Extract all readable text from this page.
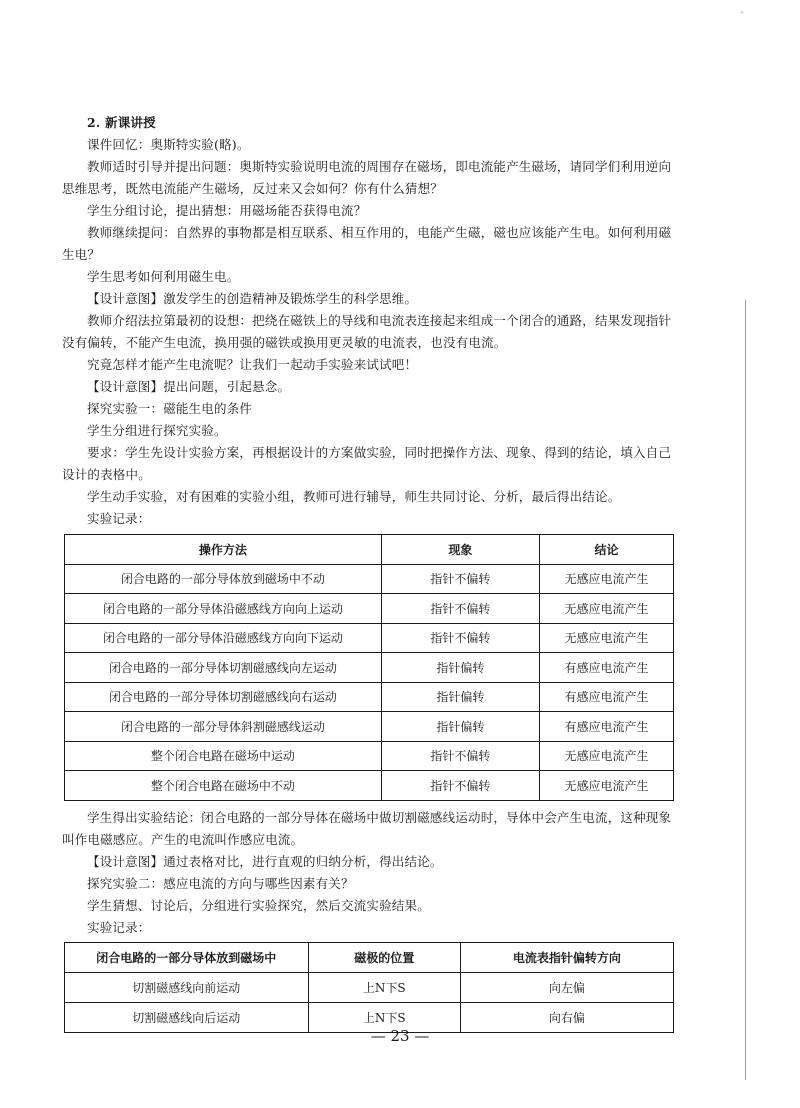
ˋ

2. 新课讲授

课件回忆：奥斯特实验(略)。

教师适时引导并提出问题：奥斯特实验说明电流的周围存在磁场，即电流能产生磁场，请同学们利用逆向思维思考，既然电流能产生磁场，反过来又会如何？你有什么猜想？

学生分组讨论，提出猜想：用磁场能否获得电流？

教师继续提问：自然界的事物都是相互联系、相互作用的，电能产生磁，磁也应该能产生电。如何利用磁生电？

学生思考如何利用磁生电。

【设计意图】激发学生的创造精神及锻炼学生的科学思维。

教师介绍法拉第最初的设想：把绕在磁铁上的导线和电流表连接起来组成一个闭合的通路，结果发现指针没有偏转，不能产生电流，换用强的磁铁或换用更灵敏的电流表，也没有电流。

究竟怎样才能产生电流呢？让我们一起动手实验来试试吧！

【设计意图】提出问题，引起悬念。

探究实验一：磁能生电的条件

学生分组进行探究实验。

要求：学生先设计实验方案，再根据设计的方案做实验，同时把操作方法、现象、得到的结论，填入自己设计的表格中。

学生动手实验，对有困难的实验小组，教师可进行辅导，师生共同讨论、分析，最后得出结论。

实验记录：

操作方法	现象	结论
闭合电路的一部分导体放到磁场中不动	指针不偏转	无感应电流产生
闭合电路的一部分导体沿磁感线方向向上运动	指针不偏转	无感应电流产生
闭合电路的一部分导体沿磁感线方向向下运动	指针不偏转	无感应电流产生
闭合电路的一部分导体切割磁感线向左运动	指针偏转	有感应电流产生
闭合电路的一部分导体切割磁感线向右运动	指针偏转	有感应电流产生
闭合电路的一部分导体斜割磁感线运动	指针偏转	有感应电流产生
整个闭合电路在磁场中运动	指针不偏转	无感应电流产生
整个闭合电路在磁场中不动	指针不偏转	无感应电流产生

学生得出实验结论：闭合电路的一部分导体在磁场中做切割磁感线运动时，导体中会产生电流，这种现象叫作电磁感应。产生的电流叫作感应电流。

【设计意图】通过表格对比，进行直观的归纳分析，得出结论。

探究实验二：感应电流的方向与哪些因素有关？

学生猜想、讨论后，分组进行实验探究，然后交流实验结果。

实验记录：

闭合电路的一部分导体放到磁场中	磁极的位置	电流表指针偏转方向
切割磁感线向前运动	上N下S	向左偏
切割磁感线向后运动	上N下S	向右偏
— 23 —
